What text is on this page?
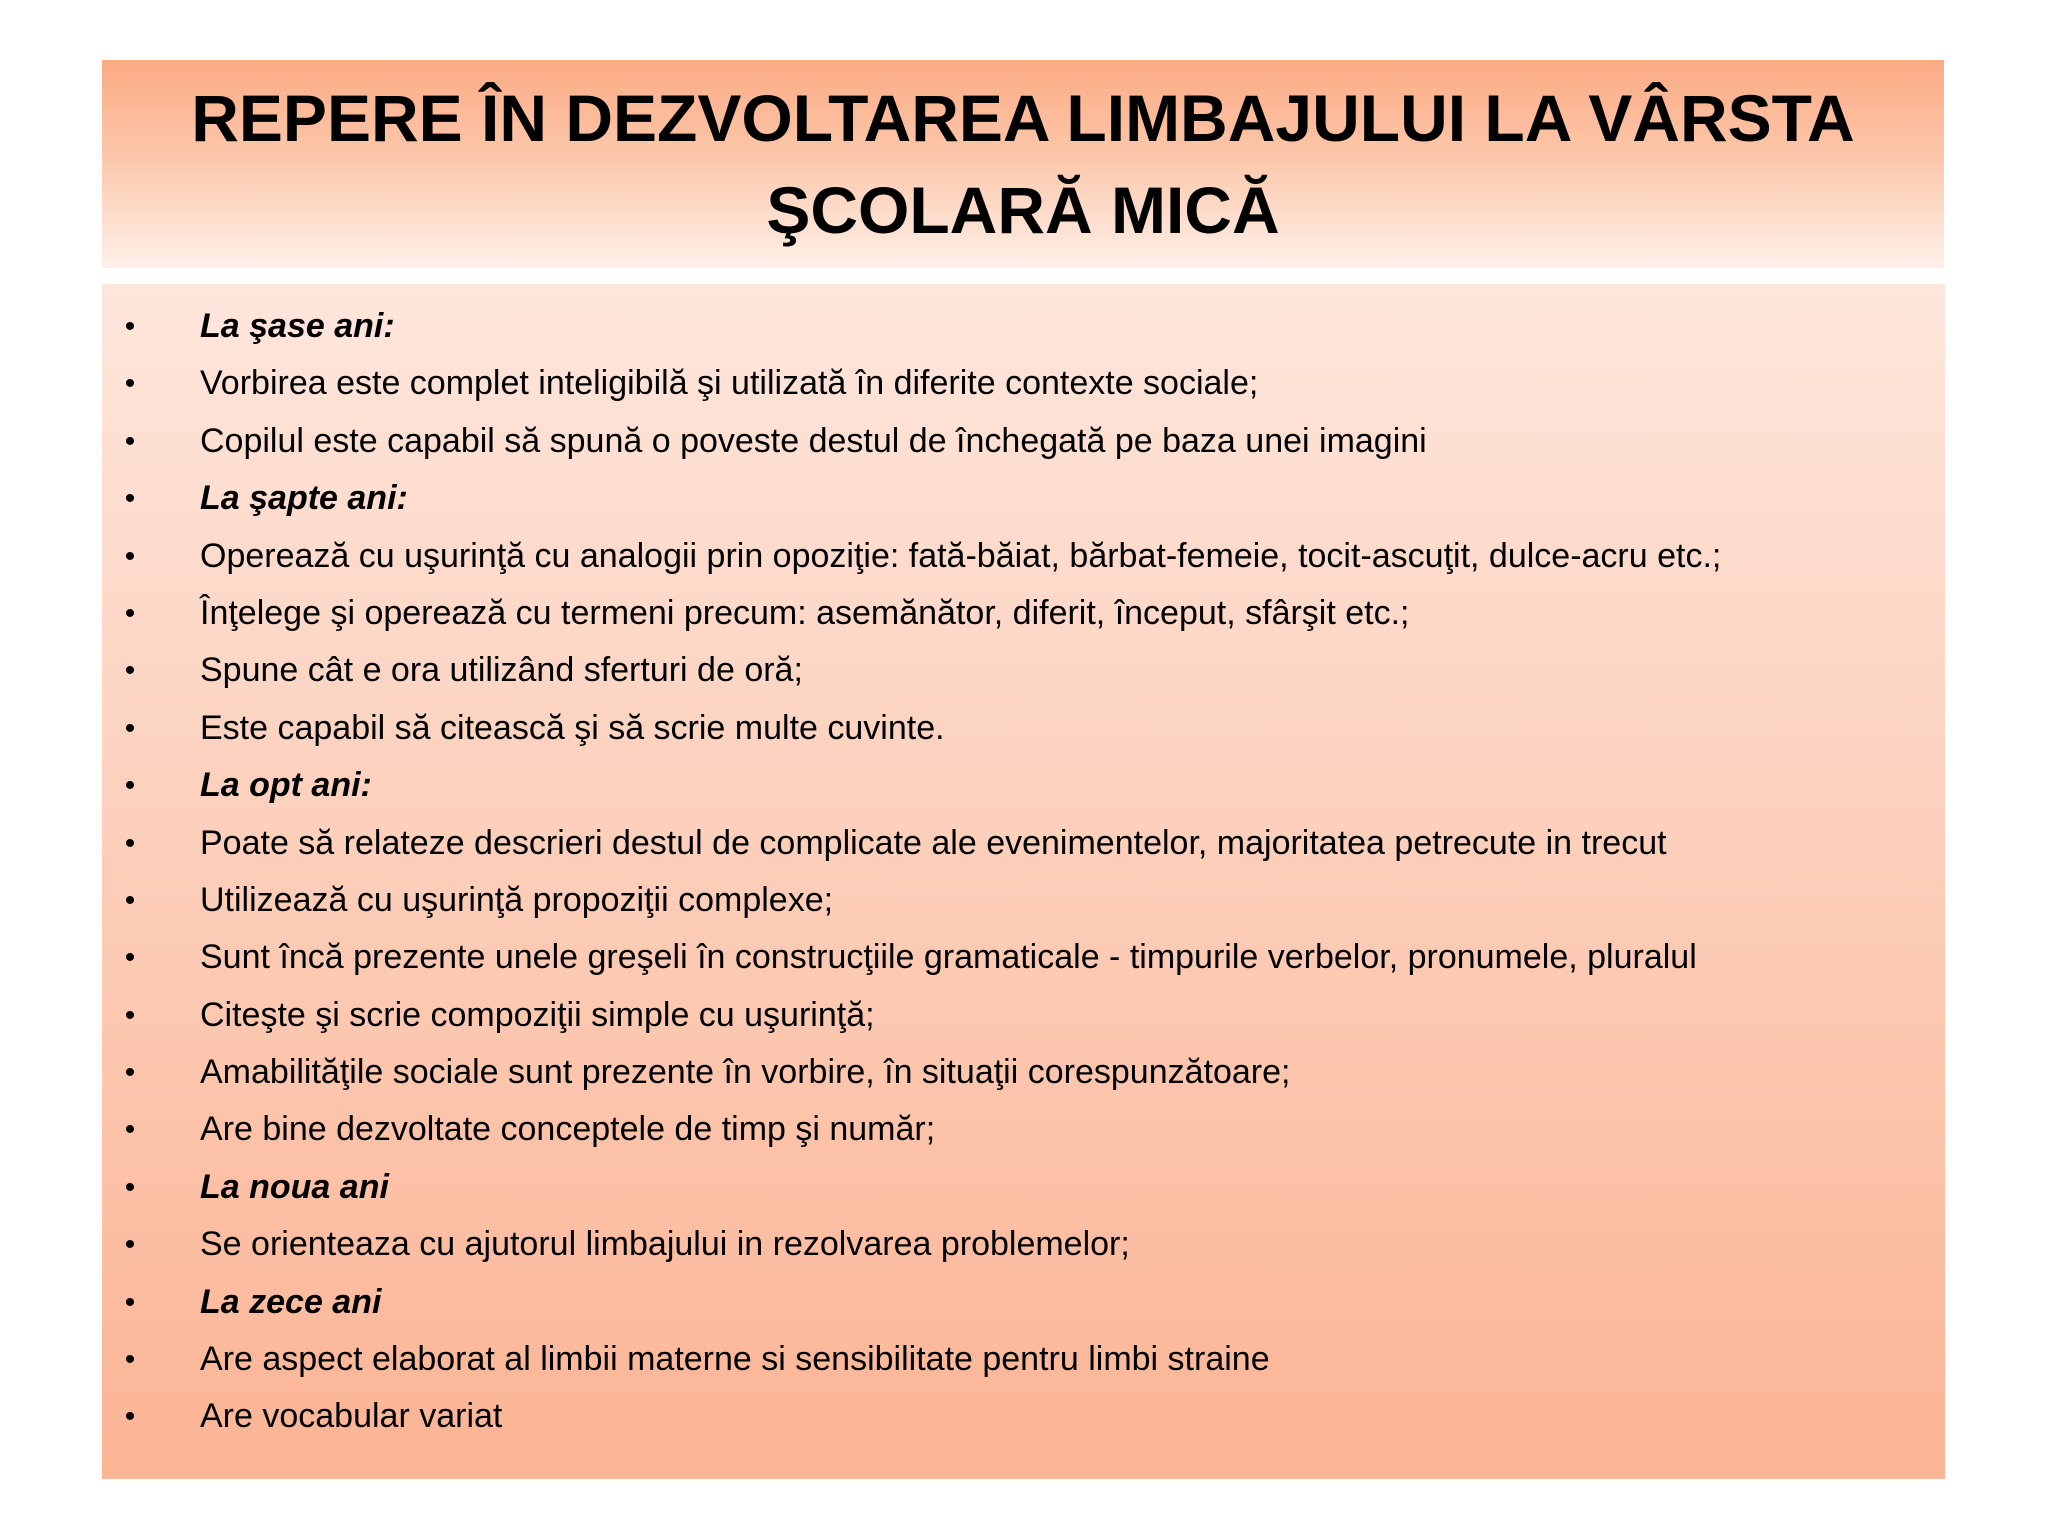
REPERE ÎN DEZVOLTAREA LIMBAJULUI LA VÂRSTA
ŞCOLARĂ MICĂ
• La şase ani:
• Vorbirea este complet inteligibilă şi utilizată în diferite contexte sociale;
• Copilul este capabil să spună o poveste destul de închegată pe baza unei imagini
• La şapte ani:
• Operează cu uşurinţă cu analogii prin opoziţie: fată-băiat, bărbat-femeie, tocit-ascuţit, dulce-acru etc.;
• Înţelege şi operează cu termeni precum: asemănător, diferit, început, sfârşit etc.;
• Spune cât e ora utilizând sferturi de oră;
• Este capabil să citească şi să scrie multe cuvinte.
• La opt ani:
• Poate să relateze descrieri destul de complicate ale evenimentelor, majoritatea petrecute in trecut
• Utilizează cu uşurinţă propoziţii complexe;
• Sunt încă prezente unele greşeli în construcţiile gramaticale - timpurile verbelor, pronumele, pluralul
• Citeşte şi scrie compoziţii simple cu uşurinţă;
• Amabilităţile sociale sunt prezente în vorbire, în situaţii corespunzătoare;
• Are bine dezvoltate conceptele de timp şi număr;
• La noua ani
• Se orienteaza cu ajutorul limbajului in rezolvarea problemelor;
• La zece ani
• Are aspect elaborat al limbii materne si sensibilitate pentru limbi straine
• Are vocabular variat
